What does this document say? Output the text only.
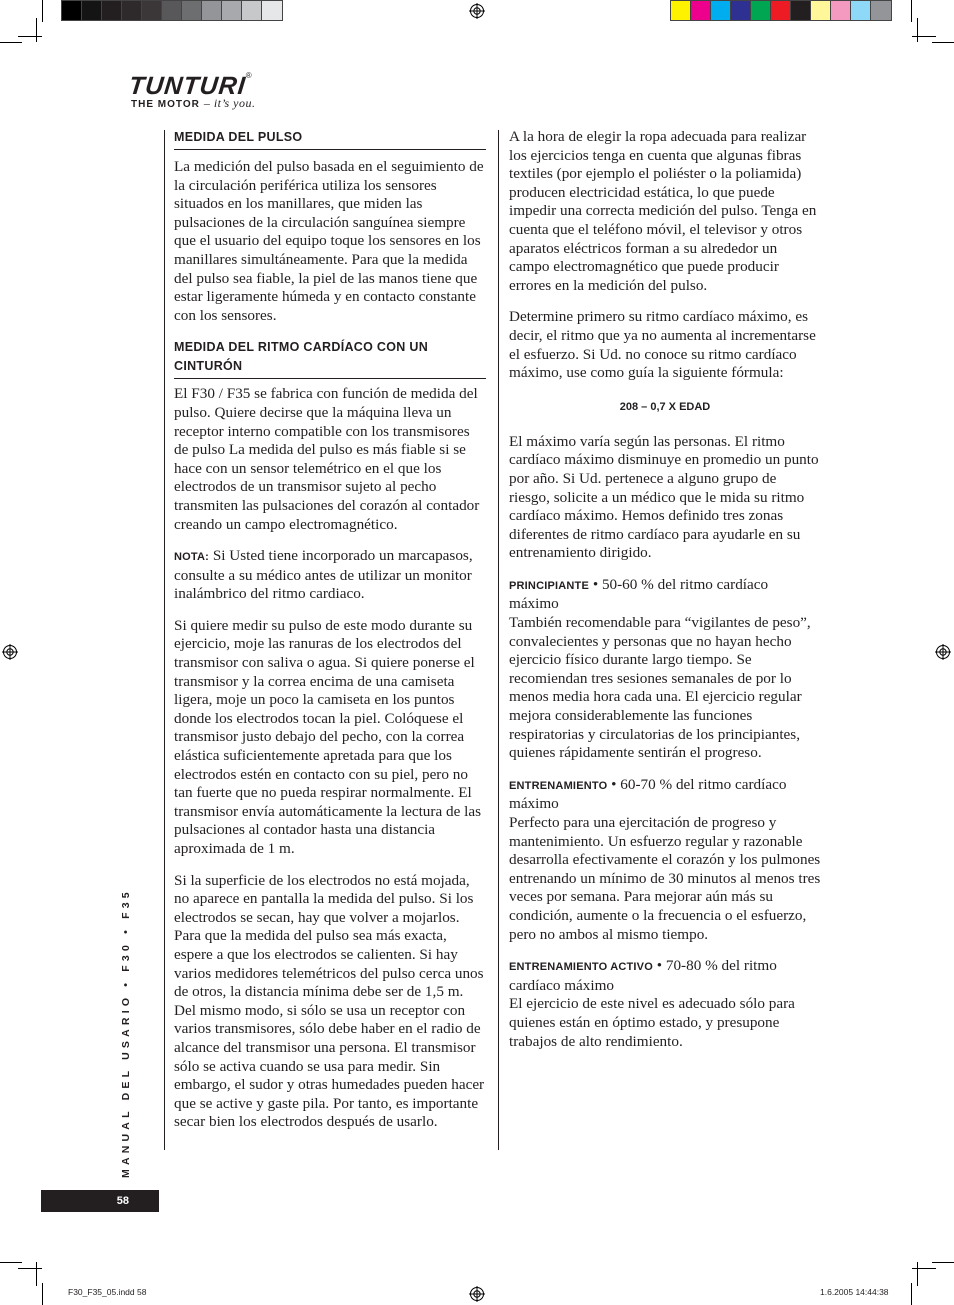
TUNTURI®
THE MOTOR – it’s you.
MEDIDA DEL PULSO

La medición del pulso basada en el seguimiento de la circulación periférica utiliza los sensores situados en los manillares, que miden las pulsaciones de la circulación sanguínea siempre que el usuario del equipo toque los sensores en los manillares simultáneamente. Para que la medida del pulso sea fiable, la piel de las manos tiene que estar ligeramente húmeda y en contacto constante con los sensores.

MEDIDA DEL RITMO CARDÍACO CON UN CINTURÓN

El F30 / F35 se fabrica con función de medida del pulso. Quiere decirse que la máquina lleva un receptor interno compatible con los transmisores de pulso La medida del pulso es más fiable si se hace con un sensor telemétrico en el que los electrodos de un transmisor sujeto al pecho transmiten las pulsaciones del corazón al contador creando un campo electromagnético.

NOTA: Si Usted tiene incorporado un marcapasos, consulte a su médico antes de utilizar un monitor inalámbrico del ritmo cardiaco.

Si quiere medir su pulso de este modo durante su ejercicio, moje las ranuras de los electrodos del transmisor con saliva o agua. Si quiere ponerse el transmisor y la correa encima de una camiseta ligera, moje un poco la camiseta en los puntos donde los electrodos tocan la piel. Colóquese el transmisor justo debajo del pecho, con la correa elástica suficientemente apretada para que los electrodos estén en contacto con su piel, pero no tan fuerte que no pueda respirar normalmente. El transmisor envía automáticamente la lectura de las pulsaciones al contador hasta una distancia aproximada de 1 m.

Si la superficie de los electrodos no está mojada, no aparece en pantalla la medida del pulso. Si los electrodos se secan, hay que volver a mojarlos. Para que la medida del pulso sea más exacta, espere a que los electrodos se calienten. Si hay varios medidores telemétricos del pulso cerca unos de otros, la distancia mínima debe ser de 1,5 m. Del mismo modo, si sólo se usa un receptor con varios transmisores, sólo debe haber en el radio de alcance del transmisor una persona. El transmisor sólo se activa cuando se usa para medir. Sin embargo, el sudor y otras humedades pueden hacer que se active y gaste pila. Por tanto, es importante secar bien los electrodos después de usarlo.

A la hora de elegir la ropa adecuada para realizar los ejercicios tenga en cuenta que algunas fibras textiles (por ejemplo el poliéster o la poliamida) producen electricidad estática, lo que puede impedir una correcta medición del pulso. Tenga en cuenta que el teléfono móvil, el televisor y otros aparatos eléctricos forman a su alrededor un campo electromagnético que puede producir errores en la medición del pulso.

Determine primero su ritmo cardíaco máximo, es decir, el ritmo que ya no aumenta al incrementarse el esfuerzo. Si Ud. no conoce su ritmo cardíaco máximo, use como guía la siguiente fórmula:

208 – 0,7 X EDAD

El máximo varía según las personas. El ritmo cardíaco máximo disminuye en promedio un punto por año. Si Ud. pertenece a alguno grupo de riesgo, solicite a un médico que le mida su ritmo cardíaco máximo. Hemos definido tres zonas diferentes de ritmo cardíaco para ayudarle en su entrenamiento dirigido.

PRINCIPIANTE • 50-60 % del ritmo cardíaco máximo
También recomendable para “vigilantes de peso”, convalecientes y personas que no hayan hecho ejercicio físico durante largo tiempo. Se recomiendan tres sesiones semanales de por lo menos media hora cada una. El ejercicio regular mejora considerablemente las funciones respiratorias y circulatorias de los principiantes, quienes rápidamente sentirán el progreso.

ENTRENAMIENTO • 60-70 % del ritmo cardíaco máximo
Perfecto para una ejercitación de progreso y mantenimiento. Un esfuerzo regular y razonable desarrolla efectivamente el corazón y los pulmones entrenando un mínimo de 30 minutos al menos tres veces por semana. Para mejorar aún más su condición, aumente o la frecuencia o el esfuerzo, pero no ambos al mismo tiempo.

ENTRENAMIENTO ACTIVO • 70-80 % del ritmo cardíaco máximo
El ejercicio de este nivel es adecuado sólo para quienes están en óptimo estado, y presupone trabajos de alto rendimiento.

MANUAL DEL USARIO • F30 • F35
58
F30_F35_05.indd 58	1.6.2005 14:44:38
